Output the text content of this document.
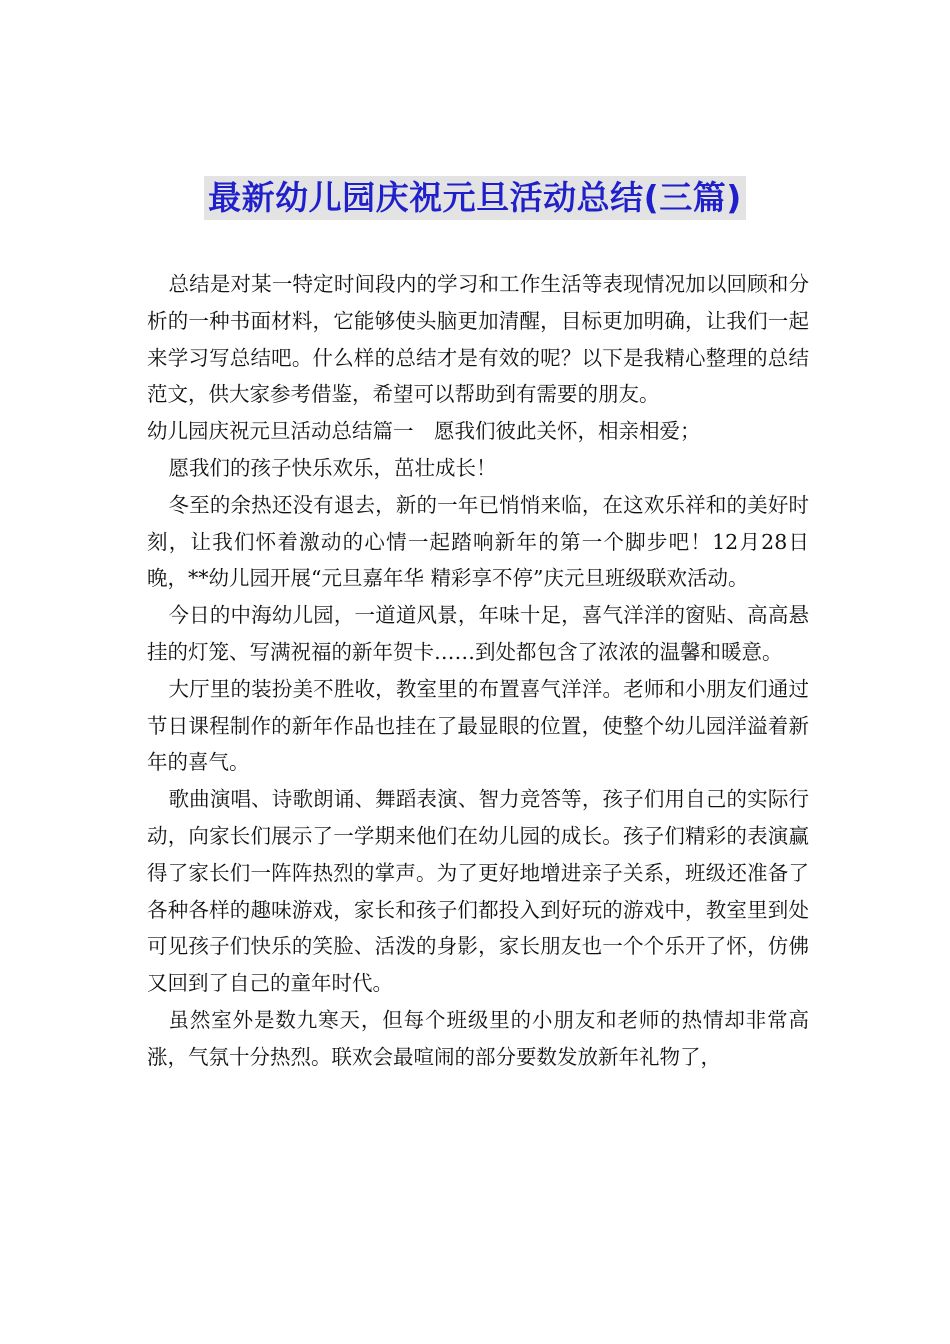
最新幼儿园庆祝元旦活动总结(三篇)

总结是对某一特定时间段内的学习和工作生活等表现情况加以回顾和分析的一种书面材料，它能够使头脑更加清醒，目标更加明确，让我们一起来学习写总结吧。什么样的总结才是有效的呢？以下是我精心整理的总结范文，供大家参考借鉴，希望可以帮助到有需要的朋友。

幼儿园庆祝元旦活动总结篇一　愿我们彼此关怀，相亲相爱；

愿我们的孩子快乐欢乐，茁壮成长！

冬至的余热还没有退去，新的一年已悄悄来临，在这欢乐祥和的美好时刻，让我们怀着激动的心情一起踏响新年的第一个脚步吧！12月28日晚，**幼儿园开展“元旦嘉年华 精彩享不停”庆元旦班级联欢活动。

今日的中海幼儿园，一道道风景，年味十足，喜气洋洋的窗贴、高高悬挂的灯笼、写满祝福的新年贺卡……到处都包含了浓浓的温馨和暖意。

大厅里的装扮美不胜收，教室里的布置喜气洋洋。老师和小朋友们通过节日课程制作的新年作品也挂在了最显眼的位置，使整个幼儿园洋溢着新年的喜气。

歌曲演唱、诗歌朗诵、舞蹈表演、智力竞答等，孩子们用自己的实际行动，向家长们展示了一学期来他们在幼儿园的成长。孩子们精彩的表演赢得了家长们一阵阵热烈的掌声。为了更好地增进亲子关系，班级还准备了各种各样的趣味游戏，家长和孩子们都投入到好玩的游戏中，教室里到处可见孩子们快乐的笑脸、活泼的身影，家长朋友也一个个乐开了怀，仿佛又回到了自己的童年时代。

虽然室外是数九寒天，但每个班级里的小朋友和老师的热情却非常高涨，气氛十分热烈。联欢会最喧闹的部分要数发放新年礼物了，
